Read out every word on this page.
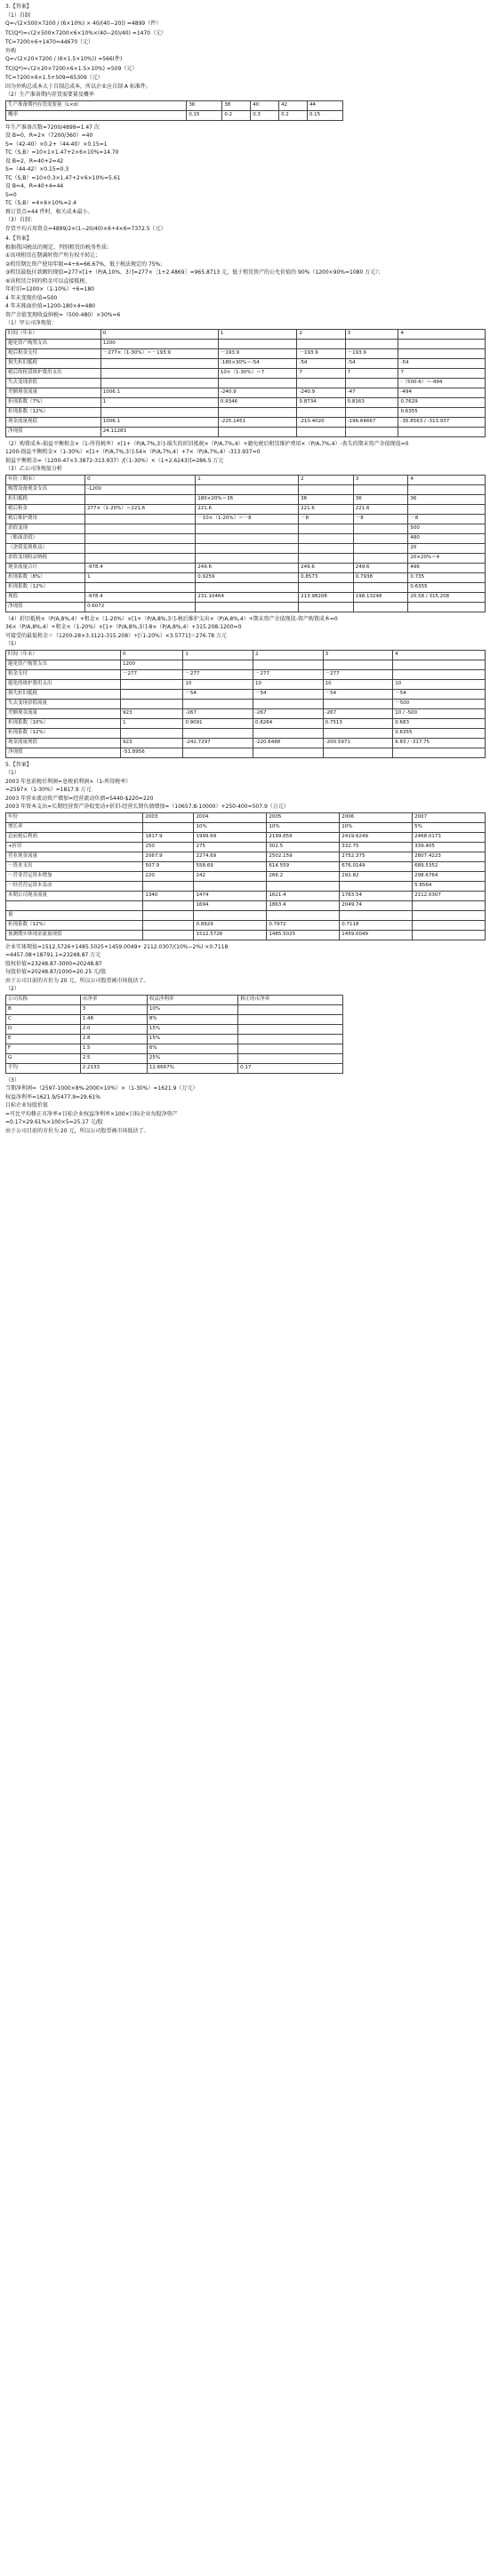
3.【答案】
（1）自制
Q=√(2×500×7200 / (6×10%) × 40/(40−20)) =4899（件）
TC(Q*)=√(2×500×7200×6×10%×(40−20)/40) =1470（元）
TC=7200×6+1470=44670（元）
外购
Q=√(2×20×7200 / (6×1.5×10%)) =566(件)
TC(Q*)=√(2×20×7200×6×1.5×10%) =509（元）
TC=7200×6×1.5+509=65309（元）
因为外购总成本大于自制总成本，所以企业应自制 A 标准件。
（2）生产准备期内存货需要量及概率
生产准备期内存货需要量（L×d）	36	38	40	42	44
概率	0.15	0.2	0.3	0.2	0.15
年生产准备次数=7200/4899=1.47 次
设 B=0，R=2×（7200/360）=40
S=（42-40）×0.2+（44-40）×0.15=1
TC（S,B）=10×1×1.47+2×6×10%=14.70
设 B=2，R=40+2=42
S=（44-42）×0.15=0.3
TC（S,B）=10×0.3×1.47+2×6×10%=5.61
设 B=4，R=40+4=44
S=0
TC（S,B）=4×6×10%=2.4
再订货点=44 件时，相关成本最小。
（3）自制：
存货平均占用资金=4899/2×(1−20/40)×6+4×6=7372.5（元）
4.【答案】
根据我国税法的规定，判别租赁的税务性质：
①该项租赁在期满时资产所有权不转让；
②租赁期比资产使用年限=4÷6=66.67%，低于税法规定的 75%；
③租赁最低付款额的现值=277×[1+（P/A,10%，3）]=277×［1+2.4869］=965.8713 元，低于租赁资产的公允价值的 90%（1200×90%=1080 万元）；
④该租赁合同的租金可以直接抵税。
年折旧=1200×（1-10%）÷6=180
4 年末变现价值=500
4 年末账面价值=1200-180×4=480
资产余值变现收益纳税=（500-480）×30%=6
（1）甲公司净现值：
时间（年末）	0	1	2	3	4
避免资产购置支出	1200				
税后租金支付	－277×（1-30%）＝－193.9	－193.9	－193.9	－193.9	
损失折旧抵税		-180×30%＝-54	-54	-54	-54
税后的租赁维护费用支出		10×（1-30%）＝7	7	7	7
失去变现余值					-（500-6）＝-494
差额现金流量	1006.1	-240.9	-240.9	-47	-494
折现系数（7%）	1	0.9346	0.8734	0.8163	0.7629
折现系数（12%）					0.6355
现金流量现值	1006.1	-225.1451	-210.4020	-196.64667	-35.8563 / -313.937
净现值	24.11283				
（2）购置成本-损益平衡租金×（1-所得税率）×[1+（P/A,7%,3）]-损失的折旧抵税×（P/A,7%,4）+避免税后租赁维护费用×（P/A,7%,4）-丧失的期末资产余值现值=0
1200-损益平衡租金×（1-30%）×[1+（P/A,7%,3）]-54×（P/A,7%,4）+7×（P/A,7%,4）-313.937=0
损益平衡租金=（1200-47×3.3872-313.937）/[（1-30%）×（1+2.6243)]=286.5 万元
（3）乙公司净现值分析
年份（期末）	0	1	2	3	4
购置设备现金支出	-1200				
折旧抵税		180×20%＝36	36	36	36
税后租金	277×（1-20%）＝221.6	221.6	221.6	221.6	
税后维护费用		－10×（1-20%）＝－8	－8	－8	－8
余值变现					500
（账面余值）					480
（余值变现收益）					20
余值变现收益纳税					20×20%＝4
现金流量合计	-978.4	249.6	249.6	249.6	496
折现系数（8%）	1	0.9259	0.8573	0.7938	0.735
折现系数（12%）					0.6355
现值	-978.4	231.10464	213.98208	198.13248	20.58 / 315.208
净现值	0.6072				
（4）折旧抵税×（P/A,8%,4）+租金×（1-20%）×[1+（P/A,8%,3）]-税后维护支出×（P/A,8%,4）+期末资产余值现值-资产购置成本=0
36×（P/A,8%,4）+租金×（1-20%）×[1+（P/A,8%,3）]-8×（P/A,8%,4）+315.208-1200=0
可接受的最低租金＝（1200-28×3.3121-315.208）÷[（1-20%）×3.5771]＝276.78 万元
（5）
时间（年末）	0	1	2	3	4
避免资产购置支出	1200				
租金支付	－277	－277	－277	－277	
避免的维护费用支出		10	10	10	10
损失折旧抵税		－54	－54	－54	－54
失去变现余值流量					－500
差额现金流量	923	-267	-267	-267	10 / -500
折现系数（10%）	1	0.9091	0.8264	0.7513	0.683
折现系数（12%）					0.6355
现金流量现值	923	-242.7297	-220.6488	-200.5971	6.83 / -317.75
净现值	-51.8956				
5.【答案】
（1）
2003 年息前税后利润=息税前利润×（1-所得税率）
=2597×（1-30%）=1817.9 万元
2003 年营业流动资产增加=经营流动负债=5440-$220=220
2003 年资本支出=长期经营资产净值变动+折旧-经营长期负债增加=（10657.8-10000）+250-400=507.9（万元）
年份	2003	2004	2005	2006	2007
增长率		10%	10%	10%	5%
息前税后利润	1817.9	1999.69	2199.659	2419.6249	2468.0173
+折旧	250	275	302.5	332.75	339.405
营业现金流量	2067.9	2274.69	2502.159	2752.375	2807.4223
－资本支出	507.9	558.69	614.559	676.0149	689.5352
－营业营运资本增加	220	242	266.2	292.82	298.6764
－经营营运资本变动					5.8564
本期公司现金流量	1340	1474	1621.4	1783.54	2112.0307
		1694	1863.4	2049.74	
量					
折现系数（12%）		0.8929	0.7972	0.7118	
预测期实体现金流量现值		1512.5726	1485.5025	1459.0049	
企业实体现值=1512.5726+1485.5025+1459.0049+ 2112.0307/(10%−2%) ×0.7118
=4457.08+18791.1=23248.87 万元
股权价值=23248.87-3000=20248.87
每股价值=20248.87/1000=20.25 元/股
由于公司目前的市价为 20 元，所以公司股票被市场低估了。
（2）
公司名称	市净率	权益净利率	修正的市净率
B	3	10%	
C	1.48	8%	
D	2.0	15%	
E	2.8	15%	
F	1.5	6%	
G	2.5	25%	
平均	2.2133	12.6667%	0.17
（3）
当期净利润=（2597-1000×8%-2000×10%）×（1-30%）=1621.9（万元）
权益净利率=1621.9/5477.9=29.61%
目标企业每股价值
=可比平均修正市净率×目标企业权益净利率×100×目标企业每股净资产
=0.17×29.61%×100×5=25.17 元/股
由于公司目前的市价为 20 元，所以公司股票被市场低估了。
